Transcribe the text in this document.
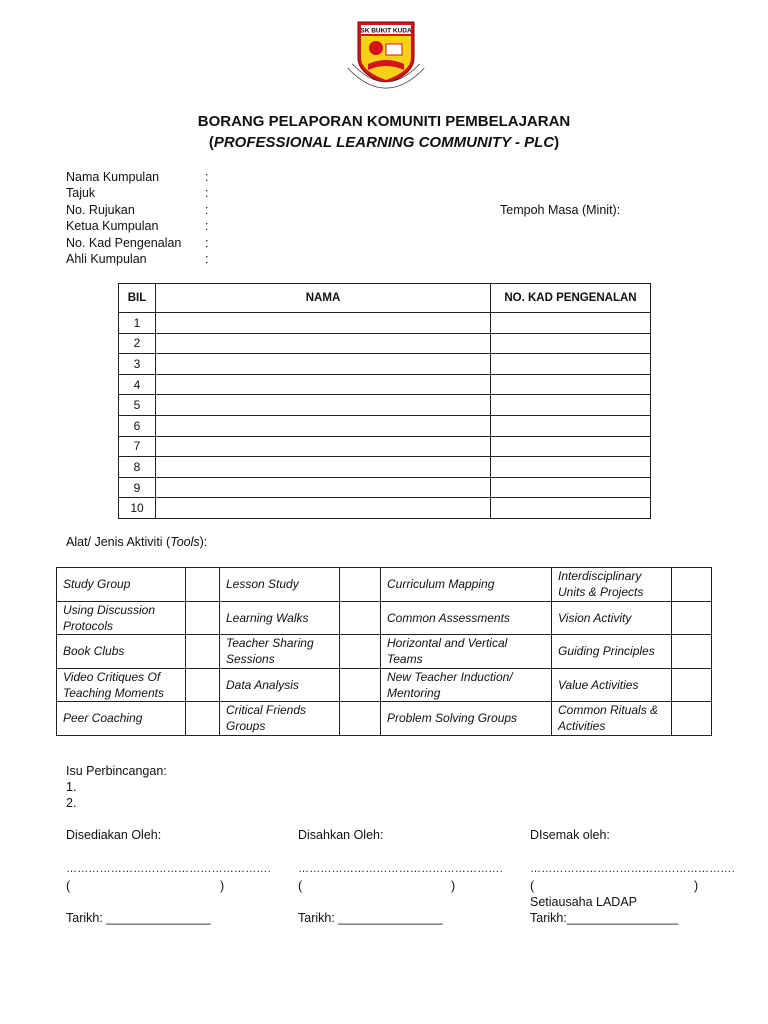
SK BUKIT KUDA
BORANG PELAPORAN KOMUNITI PEMBELAJARAN
(PROFESSIONAL LEARNING COMMUNITY - PLC)
Nama Kumpulan	:
Tajuk	:
No. Rujukan	:
Ketua Kumpulan	:
No. Kad Pengenalan :
Ahli Kumpulan	:
Tempoh Masa (Minit):
BIL	NAMA	NO. KAD PENGENALAN
1		
2		
3		
4		
5		
6		
7		
8		
9		
10		
Alat/ Jenis Aktiviti (Tools):
Study Group		Lesson Study		Curriculum Mapping	Interdisciplinary Units & Projects	
Using Discussion Protocols		Learning Walks		Common Assessments	Vision Activity	
Book Clubs		Teacher Sharing Sessions		Horizontal and Vertical Teams	Guiding Principles	
Video Critiques Of Teaching Moments		Data Analysis		New Teacher Induction/ Mentoring	Value Activities	
Peer Coaching		Critical Friends Groups		Problem Solving Groups	Common Rituals & Activities	
Isu Perbincangan:
1.
2.
Disediakan Oleh:
……………………………………………….
(	)
Tarikh: _______________
Disahkan Oleh:
……………………………………………….
(	)
Tarikh: _______________
DIsemak oleh:
……………………………………………….
(	)
Setiausaha LADAP
Tarikh:________________
